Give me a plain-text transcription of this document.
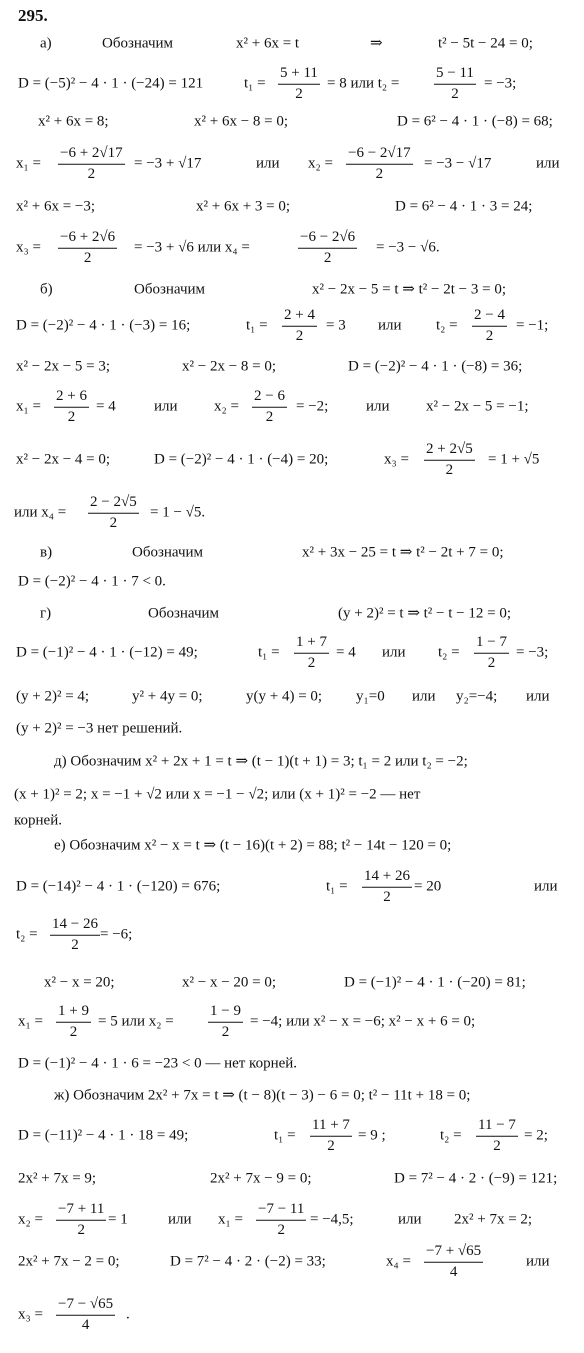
295.
а)	Обозначим	x² + 6x = t	⇒	t² − 5t − 24 = 0;
D = (−5)² − 4 · 1 · (−24) = 121	$t_1 = \frac{5 + 11}{2} = 8$ или $t_2 = \frac{5 - 11}{2} = -3$;
x² + 6x = 8;	x² + 6x − 8 = 0;	D = 6² − 4 · 1 · (−8) = 68;
$x_1 = \frac{-6 + 2√17}{2} = -3 + √17$	или $x_2 = \frac{-6 - 2√17}{2} = -3 - √17$	или
x² + 6x = −3;	x² + 6x + 3 = 0;	D = 6² − 4 · 1 · 3 = 24;
$x_3 = \frac{-6 + 2√6}{2} = -3 + √6$ или x₄ =	$\frac{-6 - 2√6}{2} = -3 - √6$.
б)	Обозначим	x² − 2x − 5 = t ⇒ t² − 2t − 3 = 0;
D = (−2)² − 4 · 1 · (−3) = 16;	$t_1 = \frac{2 + 4}{2} = 3$ или $t_2 = \frac{2 - 4}{2} = -1$;
x² − 2x − 5 = 3;	x² − 2x − 8 = 0;	D = (−2)² − 4 · 1 · (−8) = 36;
$x_1 = \frac{2 + 6}{2} = 4$	или $x_2 = \frac{2 - 6}{2} = -2$;	или x² − 2x − 5 = −1;
x² − 2x − 4 = 0;	D = (−2)² − 4 · 1 · (−4) = 20;	$x_3 = \frac{2 + 2√5}{2} = 1 + √5$
или $x_4 = \frac{2 - 2√5}{2} = 1 - √5$.
в)	Обозначим	x² + 3x − 25 = t ⇒ t² − 2t + 7 = 0;
D = (−2)² − 4 · 1 · 7 < 0.
г)	Обозначим	(y + 2)² = t ⇒ t² − t − 12 = 0;
D = (−1)² − 4 · 1 · (−12) = 49;	$t_1 = \frac{1 + 7}{2} = 4$ или $t_2 = \frac{1 - 7}{2} = -3$;
(y + 2)² = 4;	y² + 4y = 0;	y(y + 4) = 0; y₁=0 или y₂=−4; или
(y + 2)² = −3 нет решений.
д) Обозначим x² + 2x + 1 = t ⇒ (t − 1)(t + 1) = 3; t₁ = 2 или t₂ = −2;
(x + 1)² = 2; x = −1 + √2 или x = −1 − √2; или (x + 1)² = −2 — нет
корней.
е) Обозначим x² − x = t ⇒ (t − 16)(t + 2) = 88; t² − 14t − 120 = 0;
D = (−14)² − 4 · 1 · (−120) = 676;	$t_1 = \frac{14 + 26}{2} = 20$	или
$t_2 = \frac{14 - 26}{2} = -6$;
x² − x = 20;	x² − x − 20 = 0;	D = (−1)² − 4 · 1 · (−20) = 81;
$x_1 = \frac{1 + 9}{2} = 5$ или $x_2 = \frac{1 - 9}{2} = -4$; или x² − x = −6; x² − x + 6 = 0;
D = (−1)² − 4 · 1 · 6 = −23 < 0 — нет корней.
ж) Обозначим 2x² + 7x = t ⇒ (t − 8)(t − 3) − 6 = 0; t² − 11t + 18 = 0;
D = (−11)² − 4 · 1 · 18 = 49;	$t_1 = \frac{11 + 7}{2} = 9$ ;	$t_2 = \frac{11 - 7}{2} = 2$;
2x² + 7x = 9;	2x² + 7x − 9 = 0;	D = 7² − 4 · 2 · (−9) = 121;
$x_2 = \frac{-7 + 11}{2} = 1$	или $x_1 = \frac{-7 - 11}{2} = -4,5$;	или 2x² + 7x = 2;
2x² + 7x − 2 = 0;	D = 7² − 4 · 2 · (−2) = 33;	$x_4 = \frac{-7 + √65}{4}$	или
$x_3 = \frac{-7 - √65}{4}$ .
